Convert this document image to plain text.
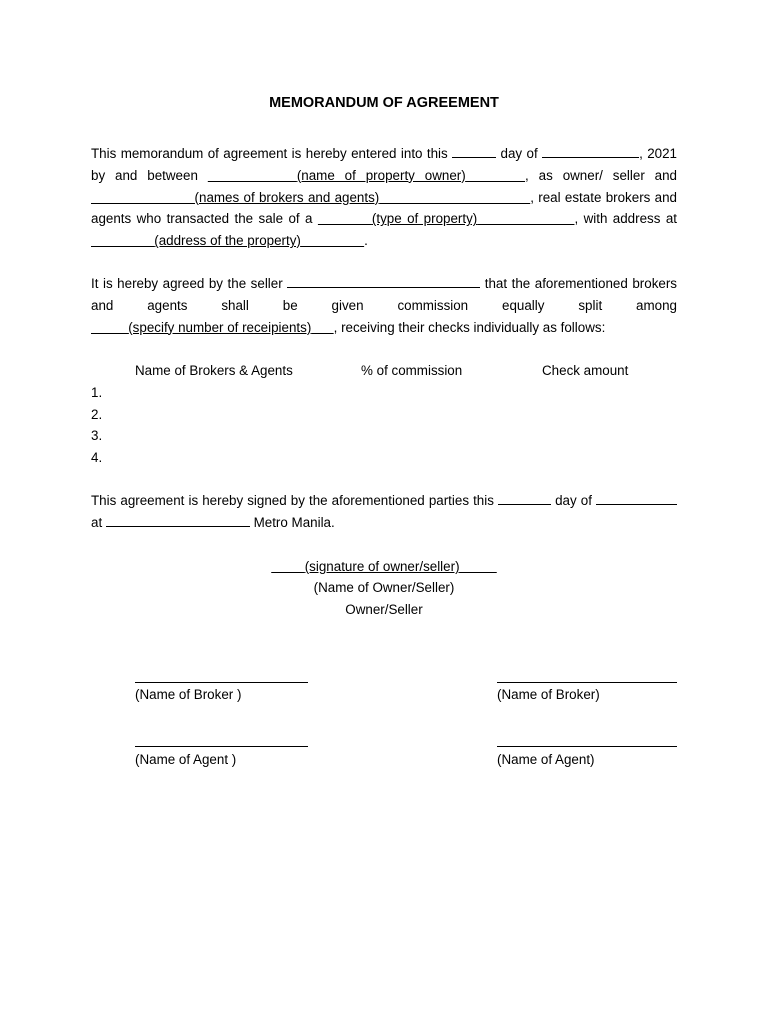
MEMORANDUM OF AGREEMENT
This memorandum of agreement is hereby entered into this	day of	, 2021 by and between	(name of property owner)	, as owner/ seller and                         (names of brokers and agents)	, real estate brokers and agents who transacted the sale of a	(type of property)	, with address at                  (address of the property)	.
It is hereby agreed by the seller	that the aforementioned brokers and agents shall be given commission equally split among           (specify number of receipients) , receiving their checks individually as follows:
Name of Brokers & Agents	% of commission	Check amount
1.
2.
3.
4.
This agreement is hereby signed by the aforementioned parties this	day of  at	Metro Manila.
(signature of owner/seller)
(Name of Owner/Seller)
Owner/Seller
(Name of Broker )	(Name of Broker)
(Name of Agent )	(Name of Agent)
